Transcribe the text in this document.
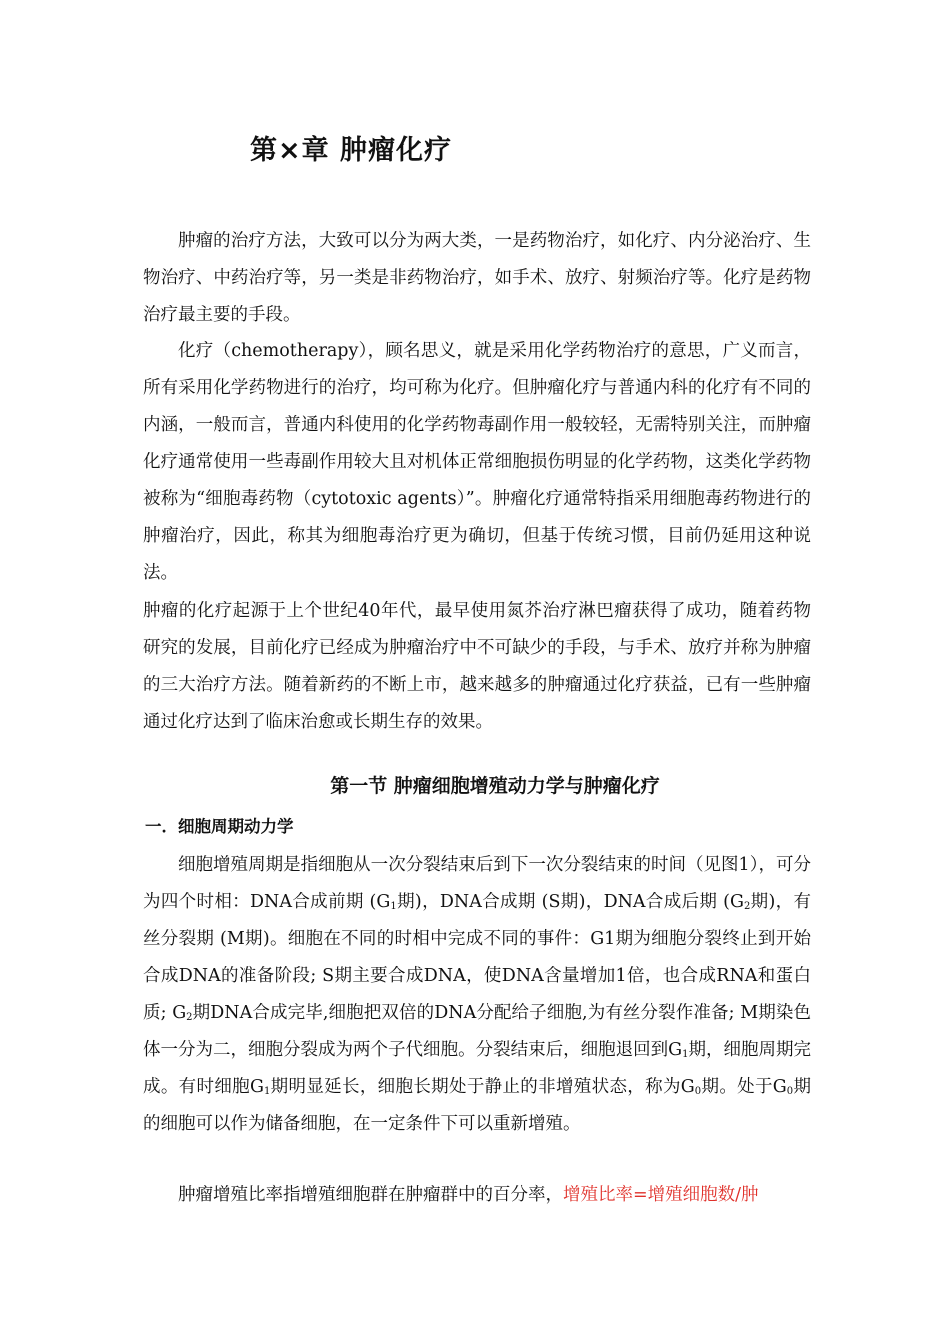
第×章 肿瘤化疗

肿瘤的治疗方法，大致可以分为两大类，一是药物治疗，如化疗、内分泌治疗、生物治疗、中药治疗等，另一类是非药物治疗，如手术、放疗、射频治疗等。化疗是药物治疗最主要的手段。

化疗（chemotherapy），顾名思义，就是采用化学药物治疗的意思，广义而言，所有采用化学药物进行的治疗，均可称为化疗。但肿瘤化疗与普通内科的化疗有不同的内涵，一般而言，普通内科使用的化学药物毒副作用一般较轻，无需特别关注，而肿瘤化疗通常使用一些毒副作用较大且对机体正常细胞损伤明显的化学药物，这类化学药物被称为“细胞毒药物（cytotoxic agents）”。肿瘤化疗通常特指采用细胞毒药物进行的肿瘤治疗，因此，称其为细胞毒治疗更为确切，但基于传统习惯，目前仍延用这种说法。

肿瘤的化疗起源于上个世纪40年代，最早使用氮芥治疗淋巴瘤获得了成功，随着药物研究的发展，目前化疗已经成为肿瘤治疗中不可缺少的手段，与手术、放疗并称为肿瘤的三大治疗方法。随着新药的不断上市，越来越多的肿瘤通过化疗获益，已有一些肿瘤通过化疗达到了临床治愈或长期生存的效果。

第一节 肿瘤细胞增殖动力学与肿瘤化疗
一．细胞周期动力学

细胞增殖周期是指细胞从一次分裂结束后到下一次分裂结束的时间（见图1），可分为四个时相：DNA合成前期 ($G_1$期)，DNA合成期 (S期)，DNA合成后期 ($G_2$期)，有丝分裂期 (M期)。细胞在不同的时相中完成不同的事件：G1期为细胞分裂终止到开始合成DNA的准备阶段; S期主要合成DNA，使DNA含量增加1倍，也合成RNA和蛋白质; $G_2$期DNA合成完毕,细胞把双倍的DNA分配给子细胞,为有丝分裂作准备; M期染色体一分为二，细胞分裂成为两个子代细胞。分裂结束后，细胞退回到$G_1$期，细胞周期完成。有时细胞$G_1$期明显延长，细胞长期处于静止的非增殖状态，称为$G_0$期。处于$G_0$期的细胞可以作为储备细胞，在一定条件下可以重新增殖。

肿瘤增殖比率指增殖细胞群在肿瘤群中的百分率，增殖比率=增殖细胞数/肿
